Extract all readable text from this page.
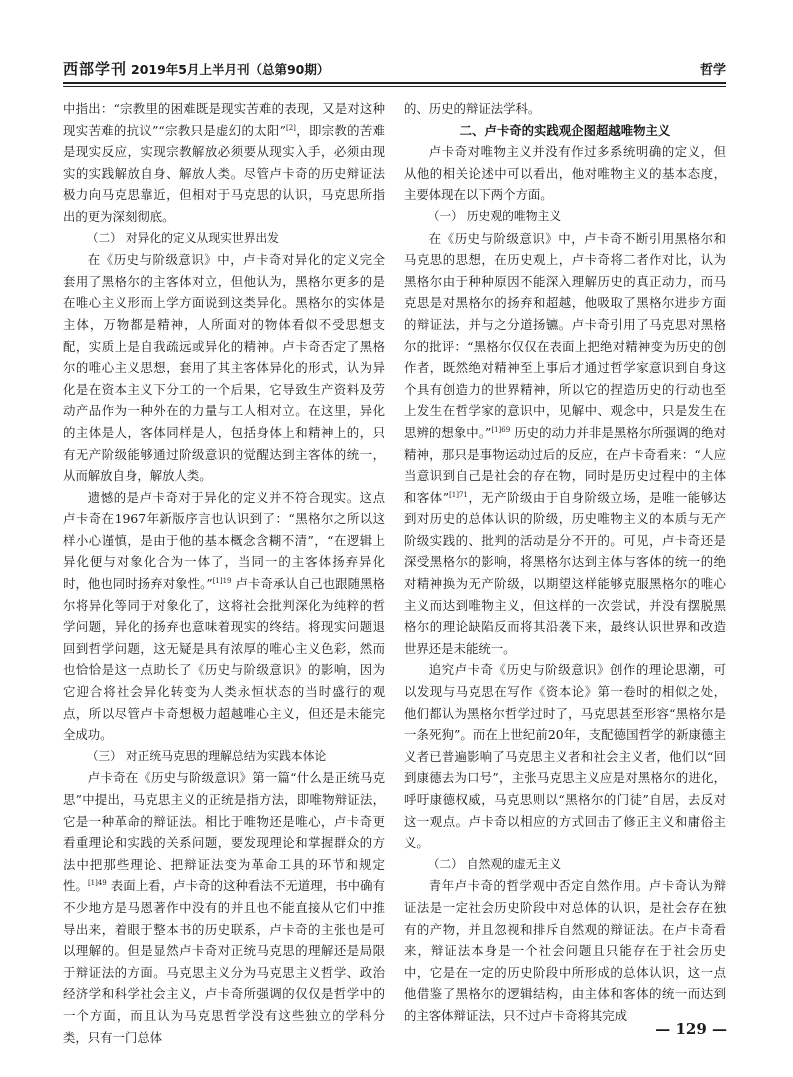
西部学刊 2019年5月上半月刊（总第90期）	哲学

中指出：“宗教里的困难既是现实苦难的表现，又是对这种现实苦难的抗议”“宗教只是虚幻的太阳”[2]，即宗教的苦难是现实反应，实现宗教解放必须要从现实入手，必须由现实的实践解放自身、解放人类。尽管卢卡奇的历史辩证法极力向马克思靠近，但相对于马克思的认识，马克思所指出的更为深刻彻底。

（二） 对异化的定义从现实世界出发

在《历史与阶级意识》中，卢卡奇对异化的定义完全套用了黑格尔的主客体对立，但他认为，黑格尔更多的是在唯心主义形而上学方面说到这类异化。黑格尔的实体是主体，万物都是精神，人所面对的物体看似不受思想支配，实质上是自我疏远或异化的精神。卢卡奇否定了黑格尔的唯心主义思想，套用了其主客体异化的形式，认为异化是在资本主义下分工的一个后果，它导致生产资料及劳动产品作为一种外在的力量与工人相对立。在这里，异化的主体是人，客体同样是人，包括身体上和精神上的，只有无产阶级能够通过阶级意识的觉醒达到主客体的统一，从而解放自身，解放人类。

遗憾的是卢卡奇对于异化的定义并不符合现实。这点卢卡奇在1967年新版序言也认识到了：“黑格尔之所以这样小心谨慎，是由于他的基本概念含糊不清”，“在逻辑上异化便与对象化合为一体了，当同一的主客体扬弃异化时，他也同时扬弃对象性。”$^{[1]19}$ 卢卡奇承认自己也跟随黑格尔将异化等同于对象化了，这将社会批判深化为纯粹的哲学问题，异化的扬弃也意味着现实的终结。将现实问题退回到哲学问题，这无疑是具有浓厚的唯心主义色彩，然而也恰恰是这一点助长了《历史与阶级意识》的影响，因为它迎合将社会异化转变为人类永恒状态的当时盛行的观点，所以尽管卢卡奇想极力超越唯心主义，但还是未能完全成功。

（三） 对正统马克思的理解总结为实践本体论

卢卡奇在《历史与阶级意识》第一篇“什么是正统马克思”中提出，马克思主义的正统是指方法，即唯物辩证法，它是一种革命的辩证法。相比于唯物还是唯心，卢卡奇更看重理论和实践的关系问题，要发现理论和掌握群众的方法中把那些理论、把辩证法变为革命工具的环节和规定性。$^{[1]49}$ 表面上看，卢卡奇的这种看法不无道理，书中确有不少地方是马恩著作中没有的并且也不能直接从它们中推导出来，着眼于整本书的历史联系，卢卡奇的主张也是可以理解的。但是显然卢卡奇对正统马克思的理解还是局限于辩证法的方面。马克思主义分为马克思主义哲学、政治经济学和科学社会主义，卢卡奇所强调的仅仅是哲学中的一个方面，而且认为马克思哲学没有这些独立的学科分类，只有一门总体

的、历史的辩证法学科。

二、卢卡奇的实践观企图超越唯物主义

卢卡奇对唯物主义并没有作过多系统明确的定义，但从他的相关论述中可以看出，他对唯物主义的基本态度，主要体现在以下两个方面。

（一） 历史观的唯物主义

在《历史与阶级意识》中，卢卡奇不断引用黑格尔和马克思的思想，在历史观上，卢卡奇将二者作对比，认为黑格尔由于种种原因不能深入理解历史的真正动力，而马克思是对黑格尔的扬弃和超越，他吸取了黑格尔进步方面的辩证法，并与之分道扬镳。卢卡奇引用了马克思对黑格尔的批评：“黑格尔仅仅在表面上把绝对精神变为历史的创作者，既然绝对精神至上事后才通过哲学家意识到自身这个具有创造力的世界精神，所以它的捏造历史的行动也至上发生在哲学家的意识中，见解中、观念中，只是发生在思辨的想象中。”$^{[1]69}$ 历史的动力并非是黑格尔所强调的绝对精神，那只是事物运动过后的反应，在卢卡奇看来：“人应当意识到自己是社会的存在物，同时是历史过程中的主体和客体”$^{[1]71}$，无产阶级由于自身阶级立场，是唯一能够达到对历史的总体认识的阶级，历史唯物主义的本质与无产阶级实践的、批判的活动是分不开的。可见，卢卡奇还是深受黑格尔的影响，将黑格尔达到主体与客体的统一的绝对精神换为无产阶级，以期望这样能够克服黑格尔的唯心主义而达到唯物主义，但这样的一次尝试，并没有摆脱黑格尔的理论缺陷反而将其沿袭下来，最终认识世界和改造世界还是未能统一。

追究卢卡奇《历史与阶级意识》创作的理论思潮，可以发现与马克思在写作《资本论》第一卷时的相似之处，他们都认为黑格尔哲学过时了，马克思甚至形容“黑格尔是一条死狗”。而在上世纪前20年，支配德国哲学的新康德主义者已普遍影响了马克思主义者和社会主义者，他们以“回到康德去为口号”，主张马克思主义应是对黑格尔的进化，呼吁康德权威，马克思则以“黑格尔的门徒”自居，去反对这一观点。卢卡奇以相应的方式回击了修正主义和庸俗主义。

（二） 自然观的虚无主义

青年卢卡奇的哲学观中否定自然作用。卢卡奇认为辩证法是一定社会历史阶段中对总体的认识，是社会存在独有的产物，并且忽视和排斥自然观的辩证法。在卢卡奇看来，辩证法本身是一个社会问题且只能存在于社会历史中，它是在一定的历史阶段中所形成的总体认识，这一点他借鉴了黑格尔的逻辑结构，由主体和客体的统一而达到的主客体辩证法，只不过卢卡奇将其完成

— 129 —
